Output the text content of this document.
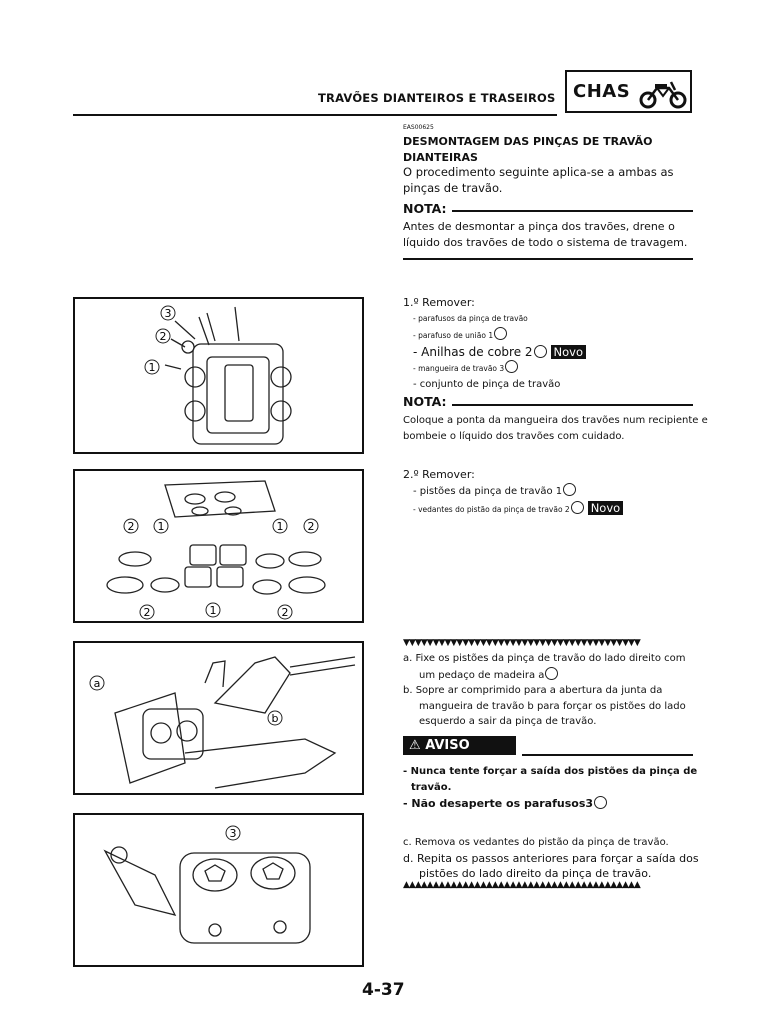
TRAVÕES DIANTEIROS E TRASEIROS CHAS
EAS00625
DESMONTAGEM DAS PINÇAS DE TRAVÃO
DIANTEIRAS
O procedimento seguinte aplica-se a ambas as
pinças de travão.
NOTA:
Antes de desmontar a pinça dos travões, drene o
líquido dos travões de todo o sistema de travagem.
1.º Remover:
- parafusos da pinça de travão
- parafuso de união 1
- Anilhas de cobre 2 Novo
- mangueira de travão 3
- conjunto de pinça de travão
NOTA:
Coloque a ponta da mangueira dos travões num recipiente e
bombeie o líquido dos travões com cuidado.
2.º Remover:
- pistões da pinça de travão 1
- vedantes do pistão da pinça de travão 2 Novo
▼▼▼▼▼▼▼▼▼▼▼▼▼▼▼▼▼▼▼▼▼▼▼▼▼▼▼▼▼▼▼▼▼▼▼▼▼▼▼▼
a. Fixe os pistões da pinça de travão do lado direito com
um pedaço de madeira a
b. Sopre ar comprimido para a abertura da junta da
mangueira de travão b para forçar os pistões do lado
esquerdo a sair da pinça de travão.
⚠ AVISO
- Nunca tente forçar a saída dos pistões da pinça de
travão.
- Não desaperte os parafusos3
c. Remova os vedantes do pistão da pinça de travão.
d. Repita os passos anteriores para forçar a saída dos
pistões do lado direito da pinça de travão.
▲▲▲▲▲▲▲▲▲▲▲▲▲▲▲▲▲▲▲▲▲▲▲▲▲▲▲▲▲▲▲▲▲▲▲▲▲▲▲▲
3
2
1
2 1	1 2
2	1	2
a
b
3
4-37
